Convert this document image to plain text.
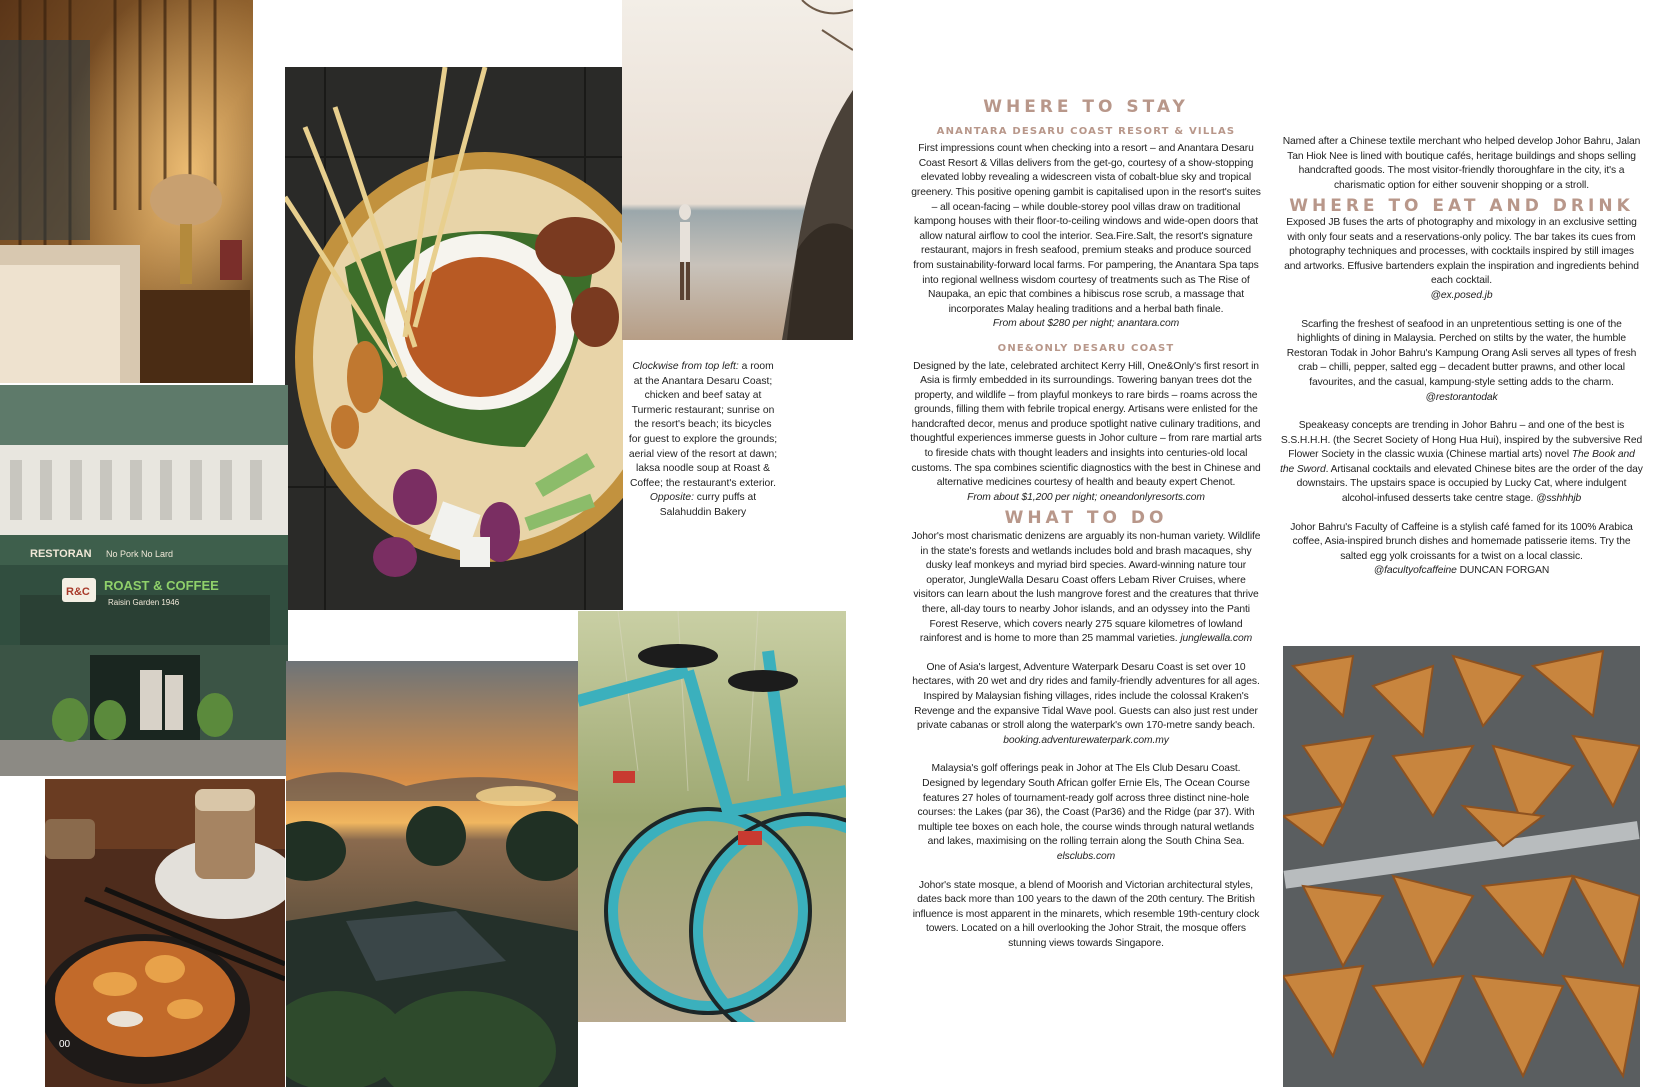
RESTORAN No Pork No Lard
R&C ROAST & COFFEE
Raisin Garden 1946
00
Clockwise from top left: a room at the Anantara Desaru Coast; chicken and beef satay at Turmeric restaurant; sunrise on the resort's beach; its bicycles for guest to explore the grounds; aerial view of the resort at dawn; laksa noodle soup at Roast & Coffee; the restaurant's exterior. Opposite: curry puffs at Salahuddin Bakery
WHERE TO STAY
ANANTARA DESARU COAST RESORT & VILLAS

First impressions count when checking into a resort – and Anantara Desaru Coast Resort & Villas delivers from the get-go, courtesy of a show-stopping elevated lobby revealing a widescreen vista of cobalt-blue sky and tropical greenery. This positive opening gambit is capitalised upon in the resort's suites – all ocean-facing – while double-storey pool villas draw on traditional kampong houses with their floor-to-ceiling windows and wide-open doors that allow natural airflow to cool the interior. Sea.Fire.Salt, the resort's signature restaurant, majors in fresh seafood, premium steaks and produce sourced from sustainability-forward local farms. For pampering, the Anantara Spa taps into regional wellness wisdom courtesy of treatments such as The Rise of Naupaka, an epic that combines a hibiscus rose scrub, a massage that incorporates Malay healing traditions and a herbal bath finale.

From about $280 per night; anantara.com

ONE&ONLY DESARU COAST

Designed by the late, celebrated architect Kerry Hill, One&Only's first resort in Asia is firmly embedded in its surroundings. Towering banyan trees dot the property, and wildlife – from playful monkeys to rare birds – roams across the grounds, filling them with febrile tropical energy. Artisans were enlisted for the handcrafted decor, menus and produce spotlight native culinary traditions, and thoughtful experiences immerse guests in Johor culture – from rare martial arts to fireside chats with thought leaders and insights into centuries-old local customs. The spa combines scientific diagnostics with the best in Chinese and alternative medicines courtesy of health and beauty expert Chenot.

From about $1,200 per night; oneandonlyresorts.com

WHAT TO DO

Johor's most charismatic denizens are arguably its non-human variety. Wildlife in the state's forests and wetlands includes bold and brash macaques, shy dusky leaf monkeys and myriad bird species. Award-winning nature tour operator, JungleWalla Desaru Coast offers Lebam River Cruises, where visitors can learn about the lush mangrove forest and the creatures that thrive there, all-day tours to nearby Johor islands, and an odyssey into the Panti Forest Reserve, which covers nearly 275 square kilometres of lowland rainforest and is home to more than 25 mammal varieties. junglewalla.com

One of Asia's largest, Adventure Waterpark Desaru Coast is set over 10 hectares, with 20 wet and dry rides and family-friendly adventures for all ages. Inspired by Malaysian fishing villages, rides include the colossal Kraken's Revenge and the expansive Tidal Wave pool. Guests can also just rest under private cabanas or stroll along the waterpark's own 170-metre sandy beach. booking.adventurewaterpark.com.my

Malaysia's golf offerings peak in Johor at The Els Club Desaru Coast. Designed by legendary South African golfer Ernie Els, The Ocean Course features 27 holes of tournament-ready golf across three distinct nine-hole courses: the Lakes (par 36), the Coast (Par36) and the Ridge (par 37). With multiple tee boxes on each hole, the course winds through natural wetlands and lakes, maximising on the rolling terrain along the South China Sea. elsclubs.com

Johor's state mosque, a blend of Moorish and Victorian architectural styles, dates back more than 100 years to the dawn of the 20th century. The British influence is most apparent in the minarets, which resemble 19th-century clock towers. Located on a hill overlooking the Johor Strait, the mosque offers stunning views towards Singapore.

Named after a Chinese textile merchant who helped develop Johor Bahru, Jalan Tan Hiok Nee is lined with boutique cafés, heritage buildings and shops selling handcrafted goods. The most visitor-friendly thoroughfare in the city, it's a charismatic option for either souvenir shopping or a stroll.

WHERE TO EAT AND DRINK

Exposed JB fuses the arts of photography and mixology in an exclusive setting with only four seats and a reservations-only policy. The bar takes its cues from photography techniques and processes, with cocktails inspired by still images and artworks. Effusive bartenders explain the inspiration and ingredients behind each cocktail.
@ex.posed.jb

Scarfing the freshest of seafood in an unpretentious setting is one of the highlights of dining in Malaysia. Perched on stilts by the water, the humble Restoran Todak in Johor Bahru's Kampung Orang Asli serves all types of fresh crab – chilli, pepper, salted egg – decadent butter prawns, and other local favourites, and the casual, kampung-style setting adds to the charm. @restorantodak

Speakeasy concepts are trending in Johor Bahru – and one of the best is S.S.H.H.H. (the Secret Society of Hong Hua Hui), inspired by the subversive Red Flower Society in the classic wuxia (Chinese martial arts) novel The Book and the Sword. Artisanal cocktails and elevated Chinese bites are the order of the day downstairs. The upstairs space is occupied by Lucky Cat, where indulgent alcohol-infused desserts take centre stage. @sshhhjb

Johor Bahru's Faculty of Caffeine is a stylish café famed for its 100% Arabica coffee, Asia-inspired brunch dishes and homemade patisserie items. Try the salted egg yolk croissants for a twist on a local classic.
@facultyofcaffeine DUNCAN FORGAN
